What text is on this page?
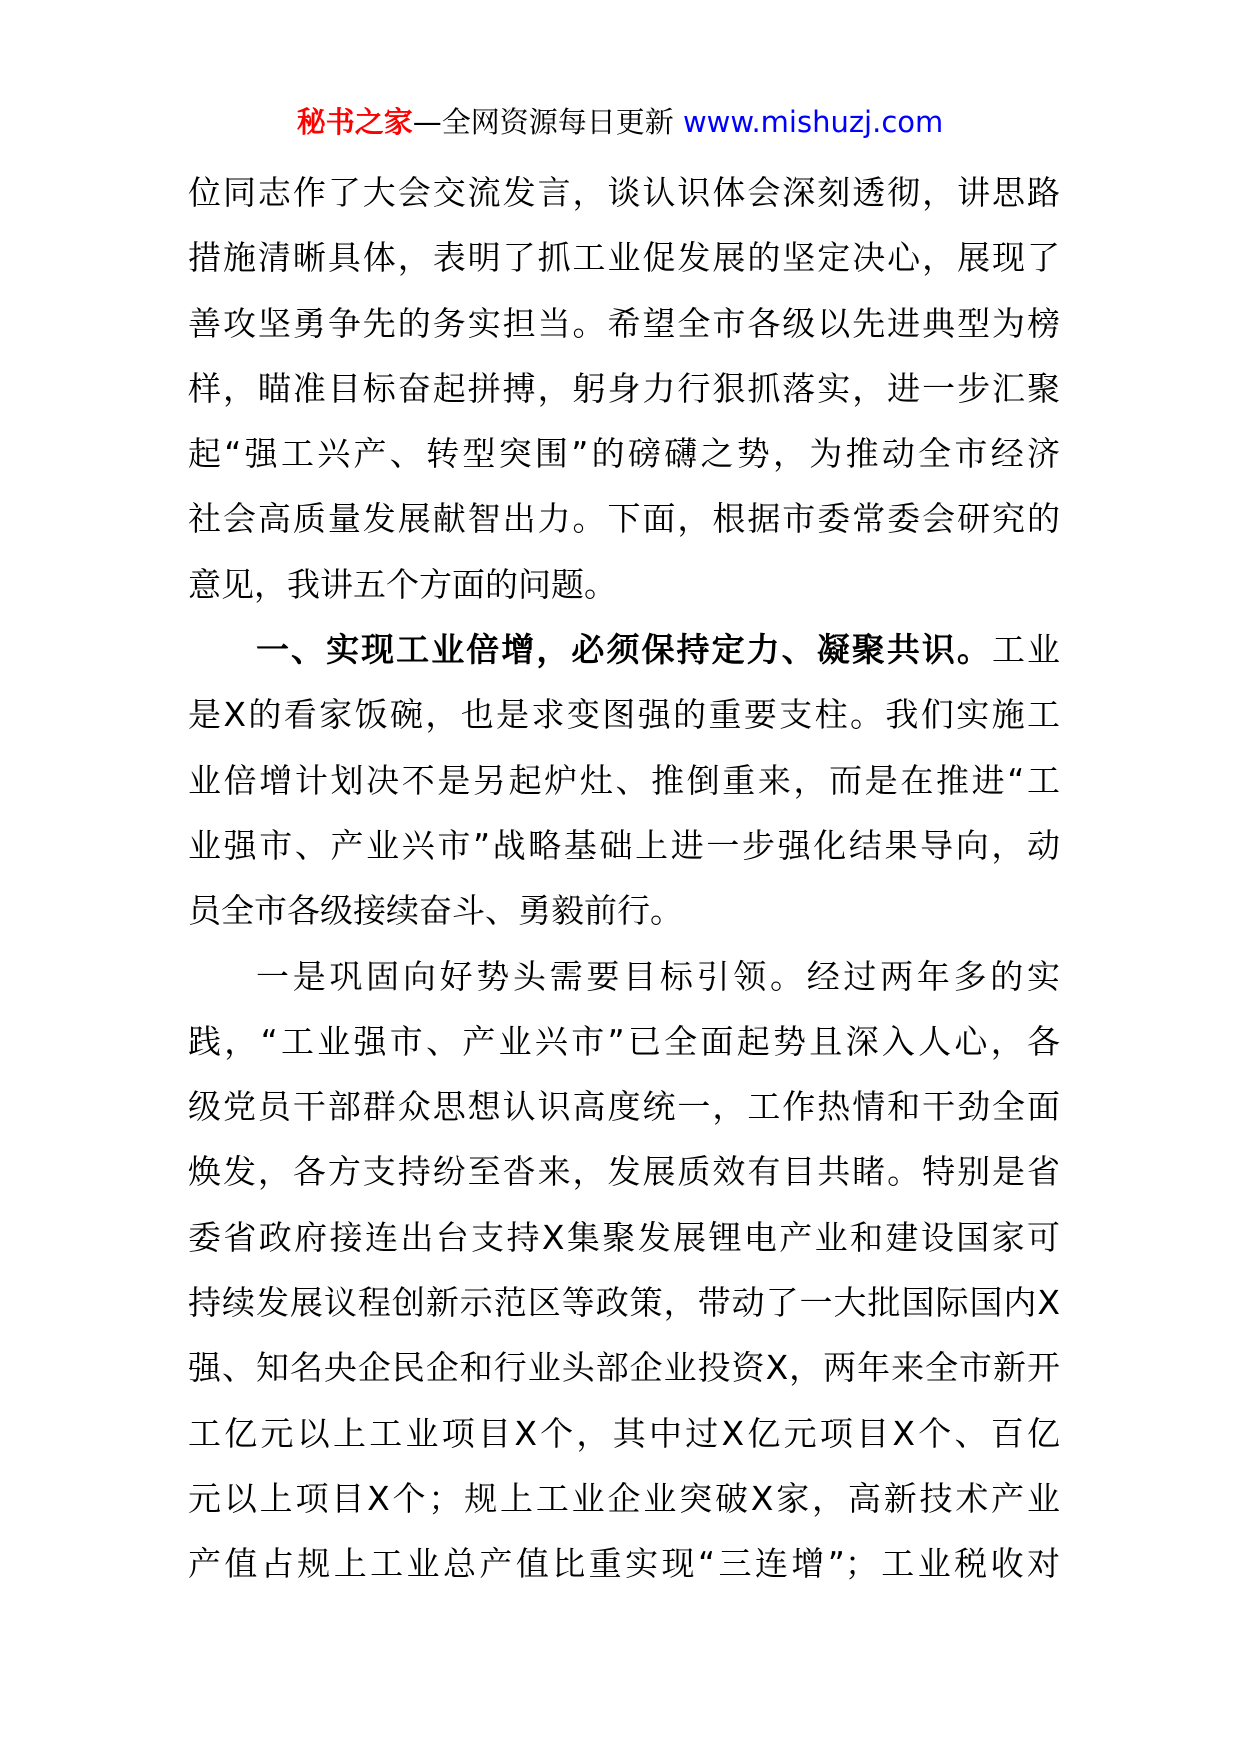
秘书之家—全网资源每日更新 www.mishuzj.com
位同志作了大会交流发言，谈认识体会深刻透彻，讲思路
措施清晰具体，表明了抓工业促发展的坚定决心，展现了
善攻坚勇争先的务实担当。希望全市各级以先进典型为榜
样，瞄准目标奋起拼搏，躬身力行狠抓落实，进一步汇聚
起“强工兴产、转型突围”的磅礴之势，为推动全市经济
社会高质量发展献智出力。下面，根据市委常委会研究的
意见，我讲五个方面的问题。
一、实现工业倍增，必须保持定力、凝聚共识。工业
是X的看家饭碗，也是求变图强的重要支柱。我们实施工
业倍增计划决不是另起炉灶、推倒重来，而是在推进“工
业强市、产业兴市”战略基础上进一步强化结果导向，动
员全市各级接续奋斗、勇毅前行。
一是巩固向好势头需要目标引领。经过两年多的实
践，“工业强市、产业兴市”已全面起势且深入人心，各
级党员干部群众思想认识高度统一，工作热情和干劲全面
焕发，各方支持纷至沓来，发展质效有目共睹。特别是省
委省政府接连出台支持X集聚发展锂电产业和建设国家可
持续发展议程创新示范区等政策，带动了一大批国际国内X
强、知名央企民企和行业头部企业投资X，两年来全市新开
工亿元以上工业项目X个，其中过X亿元项目X个、百亿
元以上项目X个；规上工业企业突破X家，高新技术产业
产值占规上工业总产值比重实现“三连增”；工业税收对
